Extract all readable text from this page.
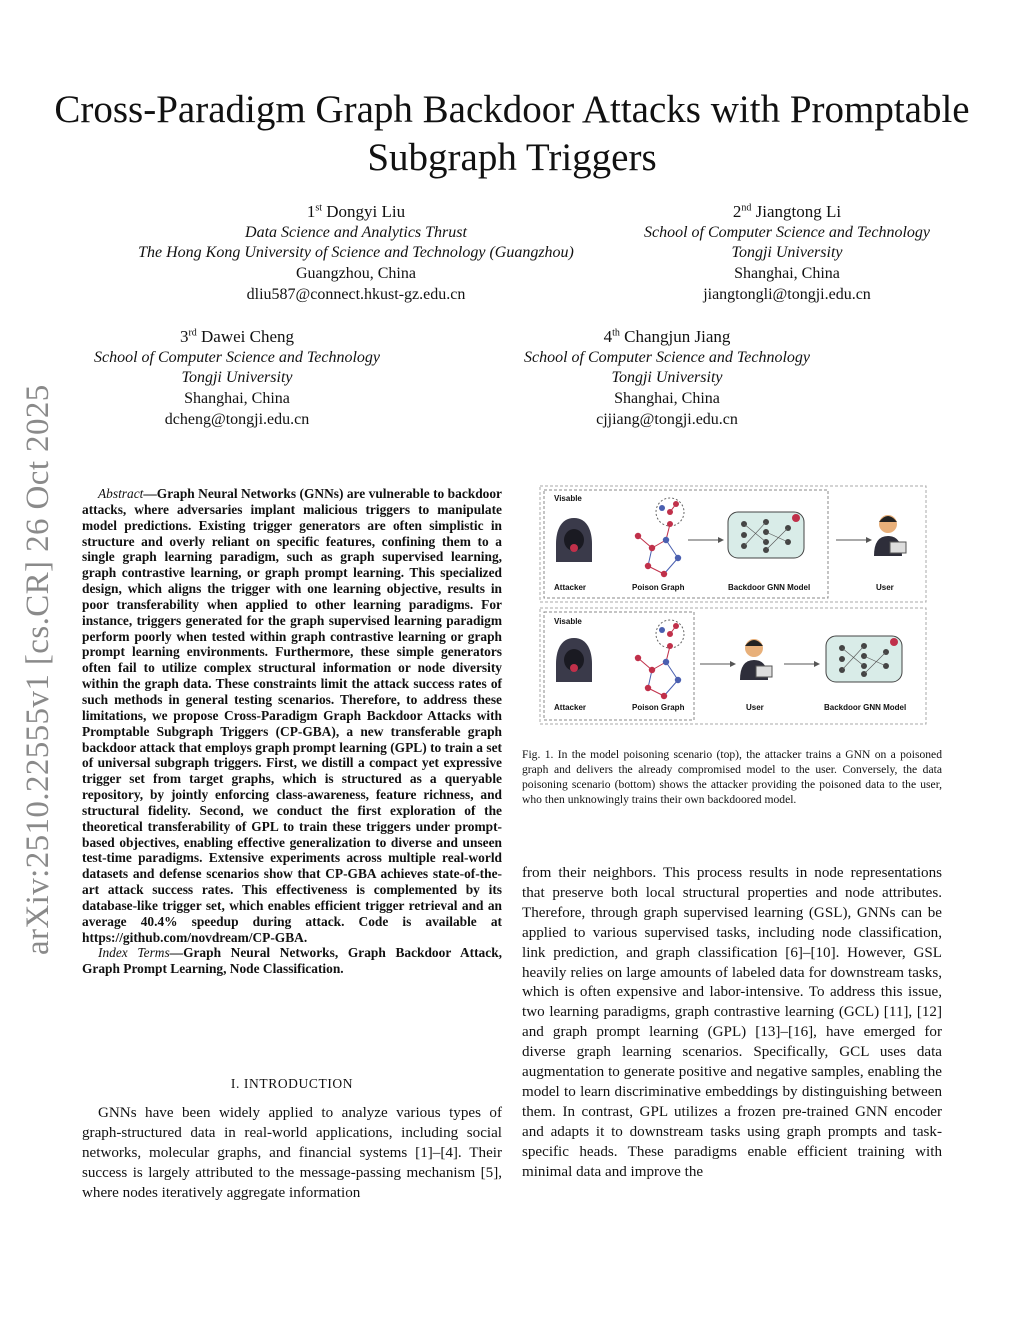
Cross-Paradigm Graph Backdoor Attacks with Promptable Subgraph Triggers
arXiv:2510.22555v1 [cs.CR] 26 Oct 2025
1st Dongyi Liu
Data Science and Analytics Thrust
The Hong Kong University of Science and Technology (Guangzhou)
Guangzhou, China
dliu587@connect.hkust-gz.edu.cn
2nd Jiangtong Li
School of Computer Science and Technology
Tongji University
Shanghai, China
jiangtongli@tongji.edu.cn
3rd Dawei Cheng
School of Computer Science and Technology
Tongji University
Shanghai, China
dcheng@tongji.edu.cn
4th Changjun Jiang
School of Computer Science and Technology
Tongji University
Shanghai, China
cjjiang@tongji.edu.cn
Abstract—Graph Neural Networks (GNNs) are vulnerable to backdoor attacks, where adversaries implant malicious triggers to manipulate model predictions. Existing trigger generators are often simplistic in structure and overly reliant on specific features, confining them to a single graph learning paradigm, such as graph supervised learning, graph contrastive learning, or graph prompt learning. This specialized design, which aligns the trigger with one learning objective, results in poor transferability when applied to other learning paradigms. For instance, triggers generated for the graph supervised learning paradigm perform poorly when tested within graph contrastive learning or graph prompt learning environments. Furthermore, these simple generators often fail to utilize complex structural information or node diversity within the graph data. These constraints limit the attack success rates of such methods in general testing scenarios. Therefore, to address these limitations, we propose Cross-Paradigm Graph Backdoor Attacks with Promptable Subgraph Triggers (CP-GBA), a new transferable graph backdoor attack that employs graph prompt learning (GPL) to train a set of universal subgraph triggers. First, we distill a compact yet expressive trigger set from target graphs, which is structured as a queryable repository, by jointly enforcing class-awareness, feature richness, and structural fidelity. Second, we conduct the first exploration of the theoretical transferability of GPL to train these triggers under prompt-based objectives, enabling effective generalization to diverse and unseen test-time paradigms. Extensive experiments across multiple real-world datasets and defense scenarios show that CP-GBA achieves state-of-the-art attack success rates. This effectiveness is complemented by its database-like trigger set, which enables efficient trigger retrieval and an average 40.4% speedup during attack. Code is available at https://github.com/novdream/CP-GBA.
Index Terms—Graph Neural Networks, Graph Backdoor Attack, Graph Prompt Learning, Node Classification.
I. INTRODUCTION
GNNs have been widely applied to analyze various types of graph-structured data in real-world applications, including social networks, molecular graphs, and financial systems [1]–[4]. Their success is largely attributed to the message-passing mechanism [5], where nodes iteratively aggregate information
from their neighbors. This process results in node representations that preserve both local structural properties and node attributes. Therefore, through graph supervised learning (GSL), GNNs can be applied to various supervised tasks, including node classification, link prediction, and graph classification [6]–[10]. However, GSL heavily relies on large amounts of labeled data for downstream tasks, which is often expensive and labor-intensive. To address this issue, two learning paradigms, graph contrastive learning (GCL) [11], [12] and graph prompt learning (GPL) [13]–[16], have emerged for diverse graph learning scenarios. Specifically, GCL uses data augmentation to generate positive and negative samples, enabling the model to learn discriminative embeddings by distinguishing between them. In contrast, GPL utilizes a frozen pre-trained GNN encoder and adapts it to downstream tasks using graph prompts and task-specific heads. These paradigms enable efficient training with minimal data and improve the
Visable
Attacker	Poison Graph	Backdoor GNN Model	User
Visable
Attacker	Poison Graph	User	Backdoor GNN Model
Fig. 1. In the model poisoning scenario (top), the attacker trains a GNN on a poisoned graph and delivers the already compromised model to the user. Conversely, the data poisoning scenario (bottom) shows the attacker providing the poisoned data to the user, who then unknowingly trains their own backdoored model.
